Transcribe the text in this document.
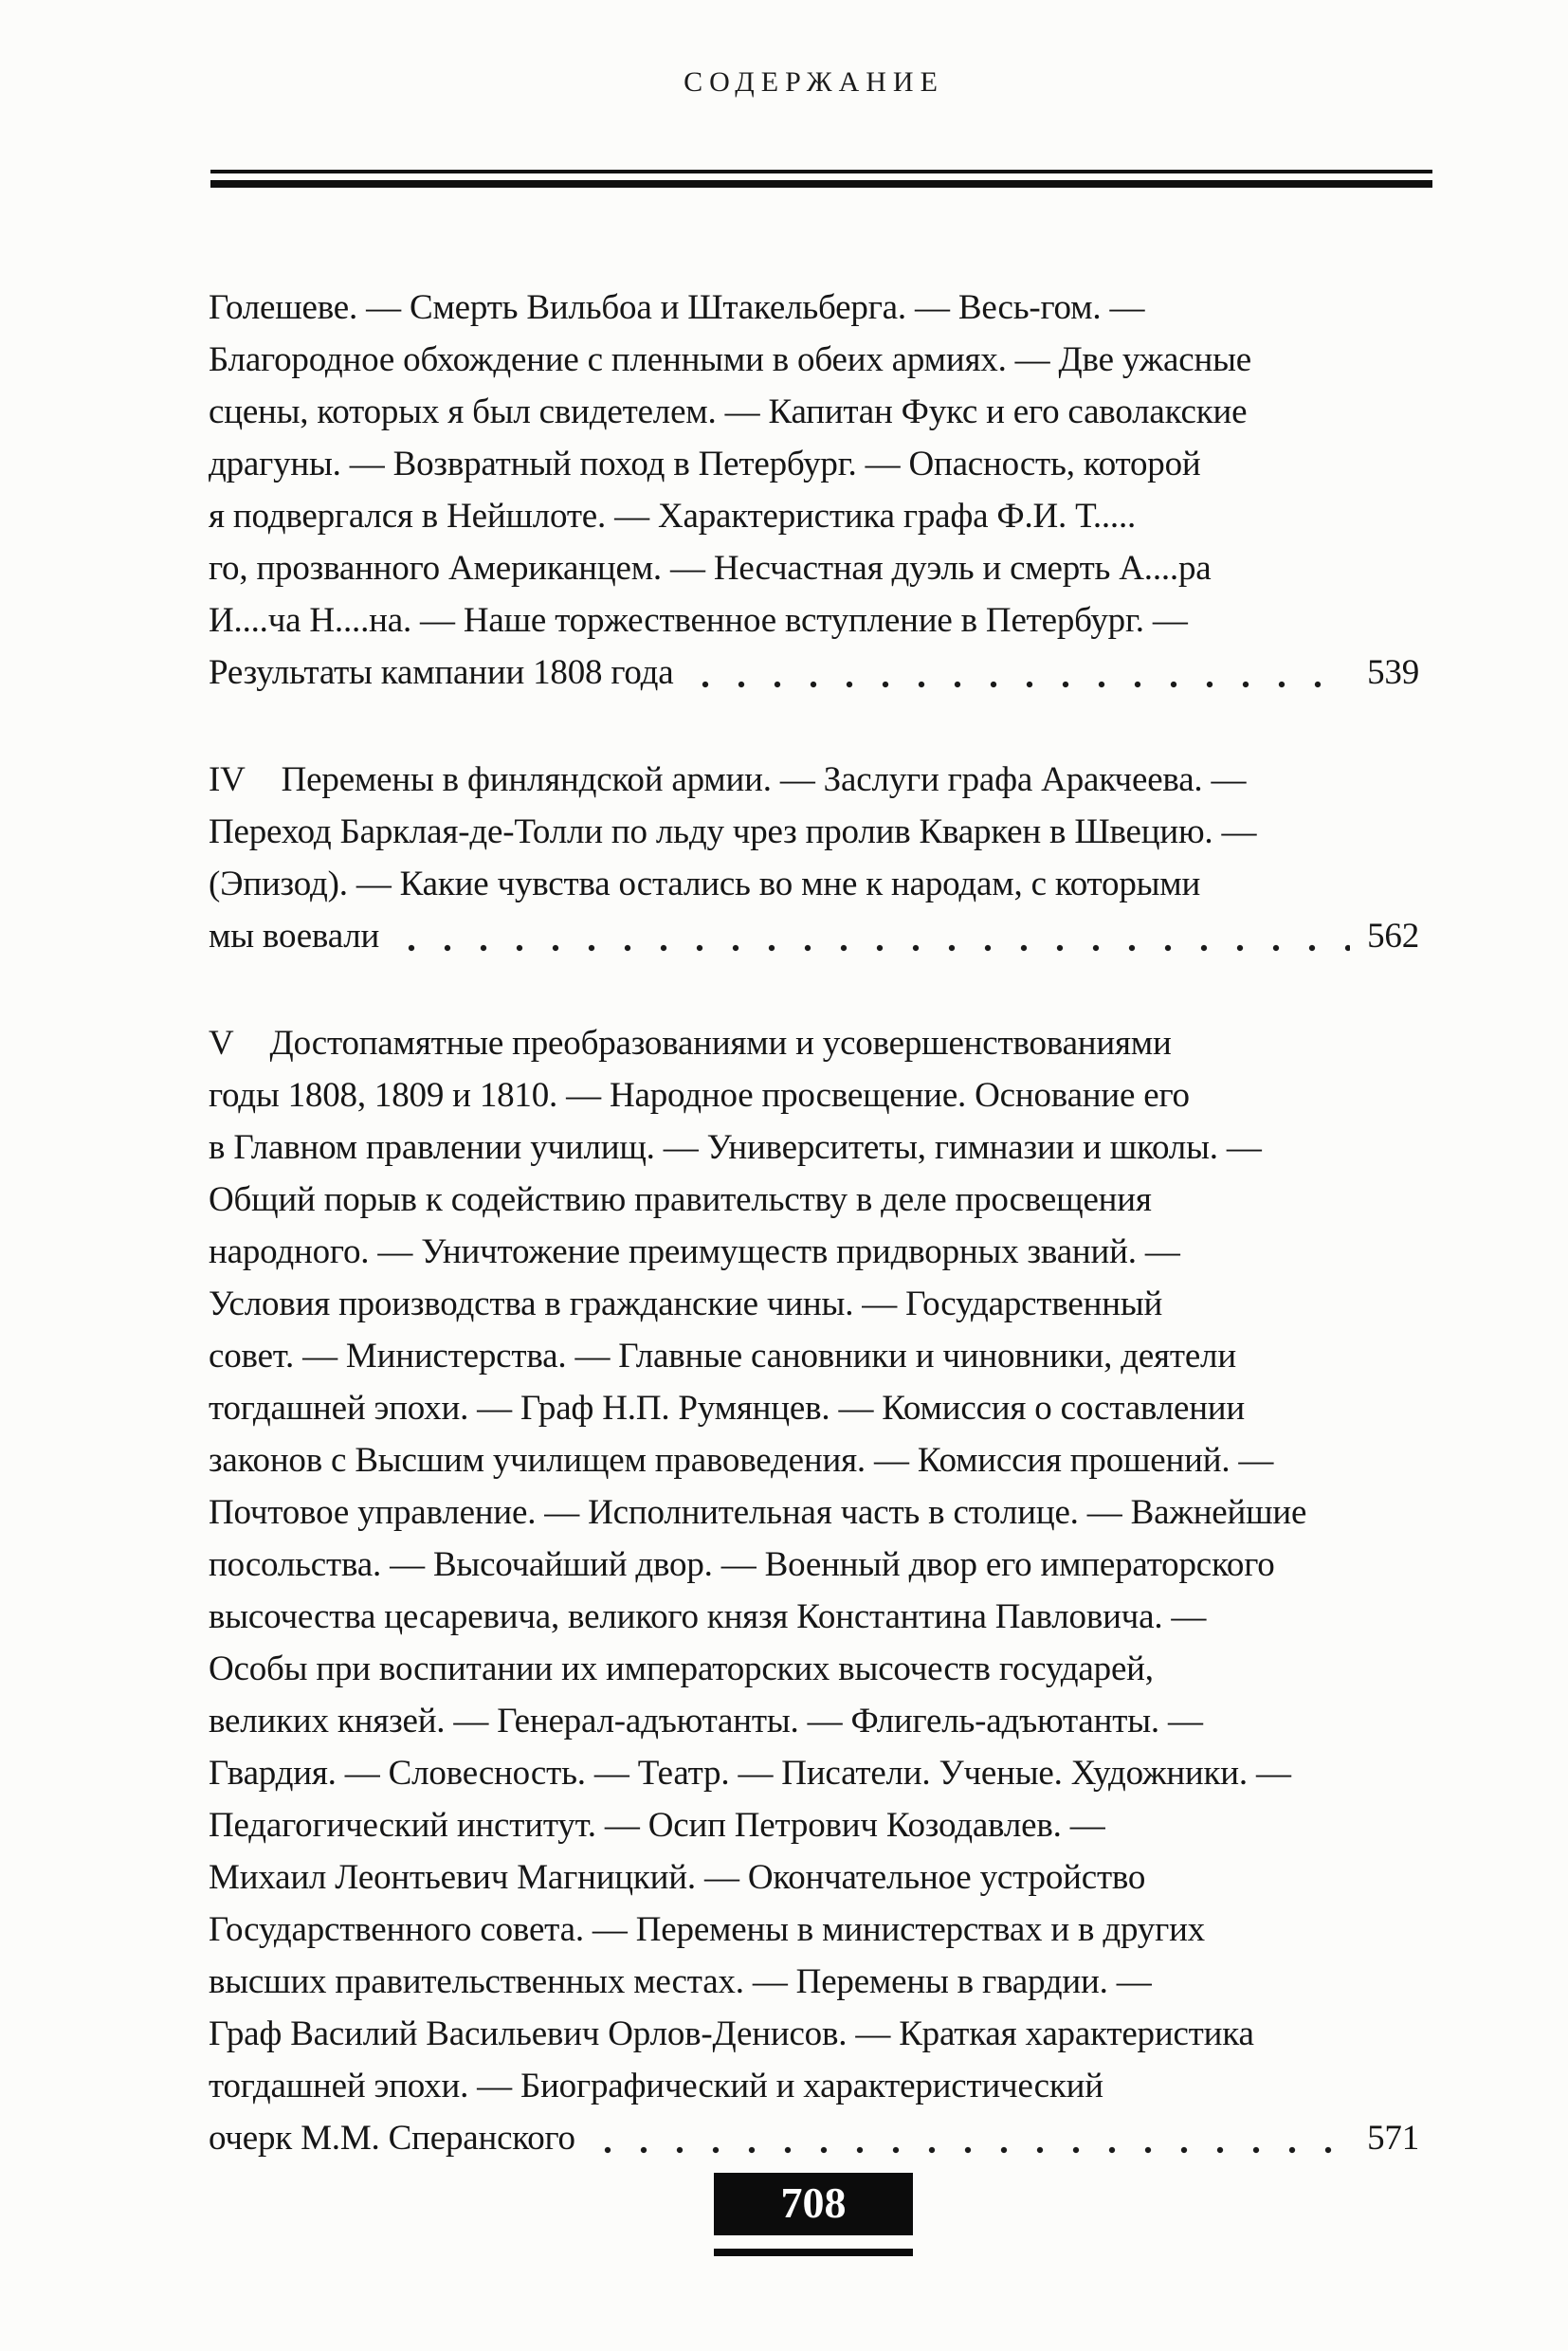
СОДЕРЖАНИЕ
Голешеве. — Смерть Вильбоа и Штакельберга. — Весь-гом. —
Благородное обхождение с пленными в обеих армиях. — Две ужасные
сцены, которых я был свидетелем. — Капитан Фукс и его саволакские
драгуны. — Возвратный поход в Петербург. — Опасность, которой
я подвергался в Нейшлоте. — Характеристика графа Ф.И. Т.....
го, прозванного Американцем. — Несчастная дуэль и смерть А....ра
И....ча Н....на. — Наше торжественное вступление в Петербург. —
Результаты кампании 1808 года	539
IV Перемены в финляндской армии. — Заслуги графа Аракчеева. —
Переход Барклая-де-Толли по льду чрез пролив Кваркен в Швецию. —
(Эпизод). — Какие чувства остались во мне к народам, с которыми
мы воевали	562
V Достопамятные преобразованиями и усовершенствованиями
годы 1808, 1809 и 1810. — Народное просвещение. Основание его
в Главном правлении училищ. — Университеты, гимназии и школы. —
Общий порыв к содействию правительству в деле просвещения
народного. — Уничтожение преимуществ придворных званий. —
Условия производства в гражданские чины. — Государственный
совет. — Министерства. — Главные сановники и чиновники, деятели
тогдашней эпохи. — Граф Н.П. Румянцев. — Комиссия о составлении
законов с Высшим училищем правоведения. — Комиссия прошений. —
Почтовое управление. — Исполнительная часть в столице. — Важнейшие
посольства. — Высочайший двор. — Военный двор его императорского
высочества цесаревича, великого князя Константина Павловича. —
Особы при воспитании их императорских высочеств государей,
великих князей. — Генерал-адъютанты. — Флигель-адъютанты. —
Гвардия. — Словесность. — Театр. — Писатели. Ученые. Художники. —
Педагогический институт. — Осип Петрович Козодавлев. —
Михаил Леонтьевич Магницкий. — Окончательное устройство
Государственного совета. — Перемены в министерствах и в других
высших правительственных местах. — Перемены в гвардии. —
Граф Василий Васильевич Орлов-Денисов. — Краткая характеристика
тогдашней эпохи. — Биографический и характеристический
очерк М.М. Сперанского	571
708
